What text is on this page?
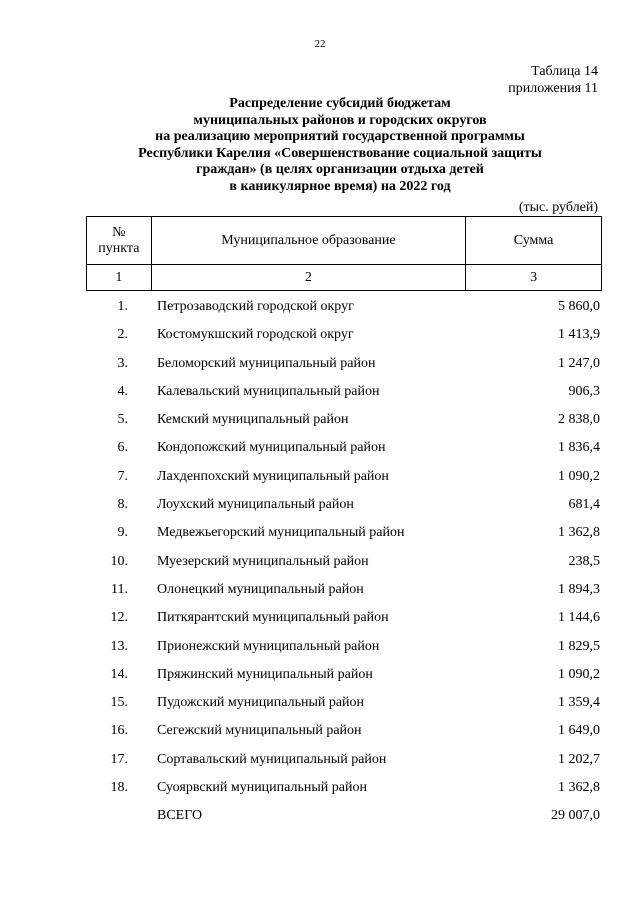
22
Таблица 14
приложения 11
Распределение субсидий бюджетам
муниципальных районов и городских округов
на реализацию мероприятий государственной программы
Республики Карелия «Совершенствование социальной защиты
граждан» (в целях организации отдыха детей
в каникулярное время) на 2022 год
(тыс. рублей)
№
пункта	Муниципальное образование	Сумма
1	2	3
1. Петрозаводский городской округ	5 860,0
2. Костомукшский городской округ	1 413,9
3. Беломорский муниципальный район	1 247,0
4. Калевальский муниципальный район	906,3
5. Кемский муниципальный район	2 838,0
6. Кондопожский муниципальный район	1 836,4
7. Лахденпохский муниципальный район	1 090,2
8. Лоухский муниципальный район	681,4
9. Медвежьегорский муниципальный район	1 362,8
10. Муезерский муниципальный район	238,5
11. Олонецкий муниципальный район	1 894,3
12. Питкярантский муниципальный район	1 144,6
13. Прионежский муниципальный район	1 829,5
14. Пряжинский муниципальный район	1 090,2
15. Пудожский муниципальный район	1 359,4
16. Сегежский муниципальный район	1 649,0
17. Сортавальский муниципальный район	1 202,7
18. Суоярвский муниципальный район	1 362,8
ВСЕГО	29 007,0
